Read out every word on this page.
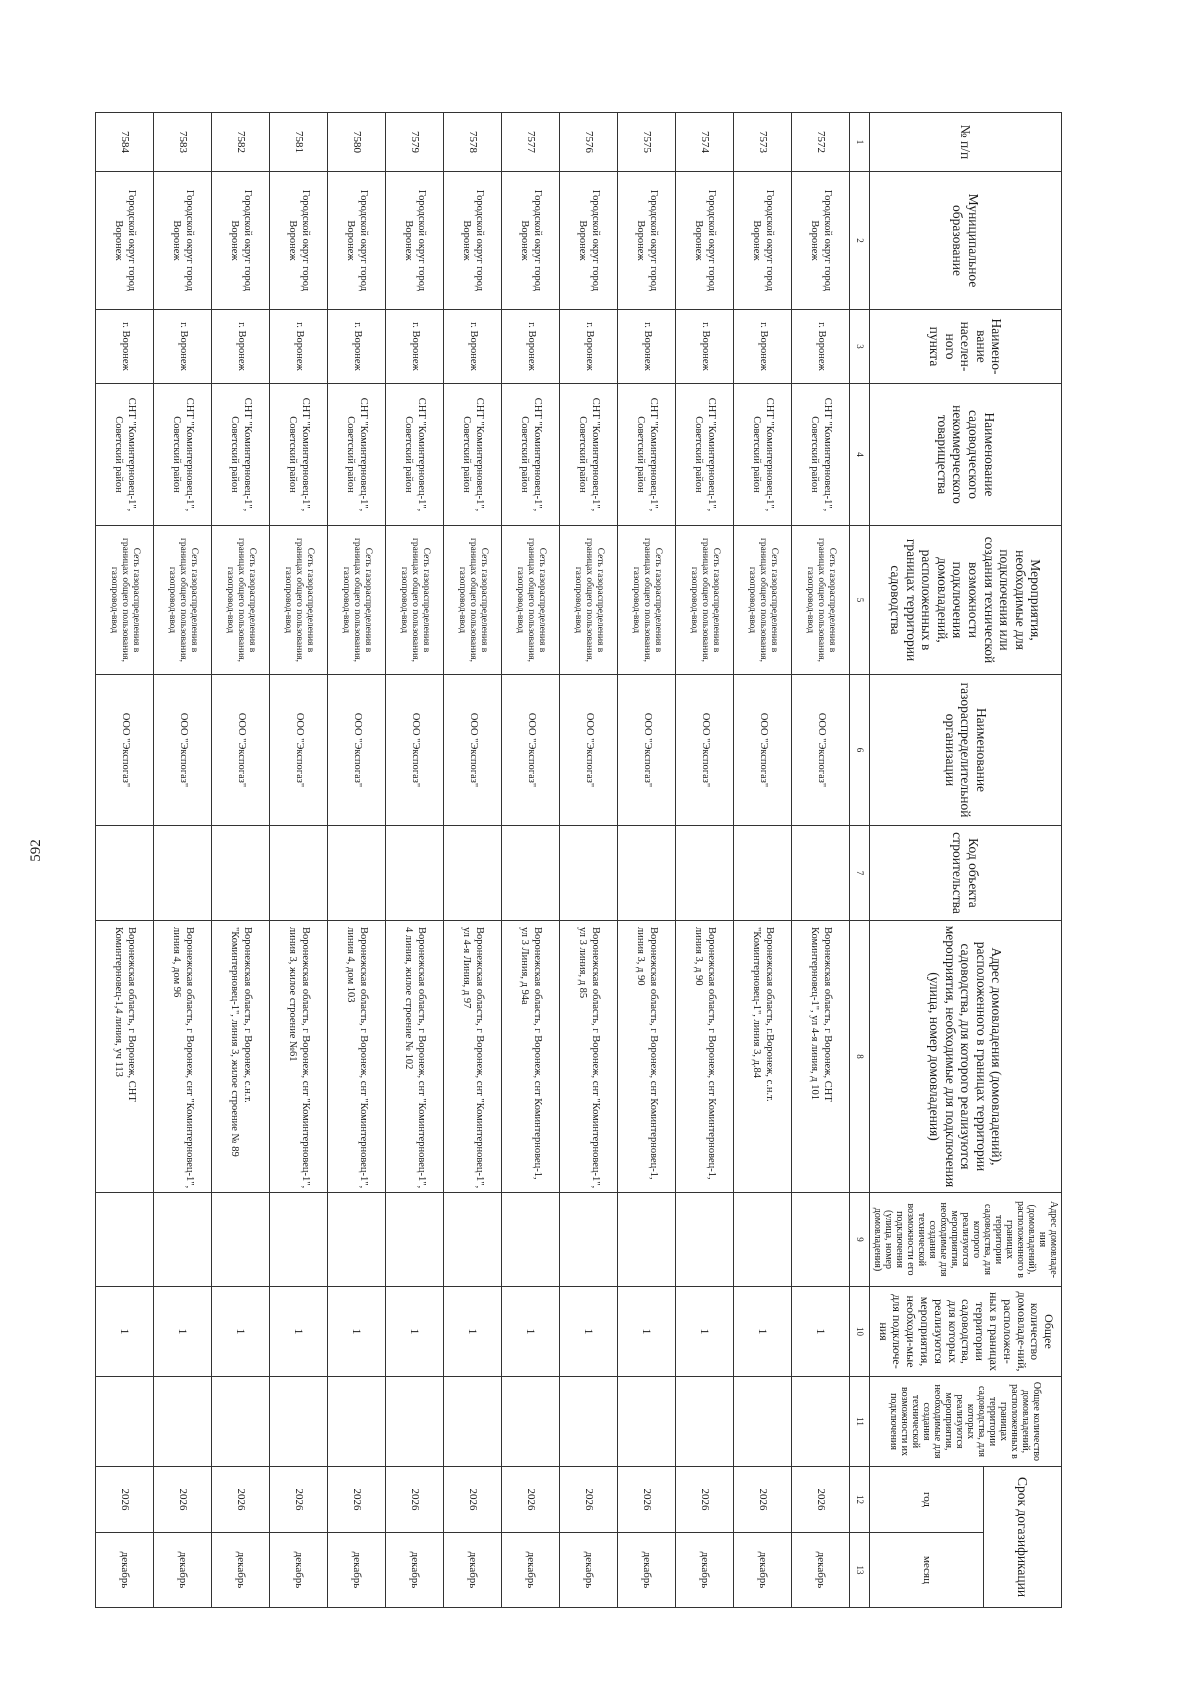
592
№ п/п	Муниципальное образование	Наимено-вание населен-ного пункта	Наименование садоводческого некоммерческого товарищества	Мероприятия, необходимые для подключения или создания технической возможности подключения домовладений, расположенных в границах территории садоводства	Наименование газораспределительной организации	Код объекта строительства	Адрес домовладения (домовладений), расположенного в границах территории садоводства, для которого реализуются мероприятия, необходимые для подключения (улица, номер домовладения)	Адрес домовладе-ния (домовладений), расположенного в границах территории садоводства, для которого реализуются мероприятия, необходимые для создания технической возможности его подключения (улица, номер домовладения)	Общее количество домовладе-ний, расположен-ных в границах территории садоводства, для которых реализуются мероприятия, необходи-мые для подключе-ния	Общее количество домовладений, расположенных в границах территории садоводства, для которых реализуются мероприятия, необходимые для создания технической возможности их подключения	Срок догазификации	
											год	месяц
1	2	3	4	5	6	7	8	9	10	11	12	13
7572	Городской округ город Воронеж	г. Воронеж	СНТ "Коминтерновец-1", Советский район	Сеть газораспределения в границах общего пользования, газопровод-ввод	ООО "Экспогаз"		Воронежская область, г Воронеж, СНТ Коминтерновец-1", ул 4-я линия, д 101		1		2026	декабрь
7573	Городской округ город Воронеж	г. Воронеж	СНТ "Коминтерновец-1", Советский район	Сеть газораспределения в границах общего пользования, газопровод-ввод	ООО "Экспогаз"		Воронежская область, г.Воронеж, с.н.т. "Коминтерновец-1", линия 3, д.84		1		2026	декабрь
7574	Городской округ город Воронеж	г. Воронеж	СНТ "Коминтерновец-1", Советский район	Сеть газораспределения в границах общего пользования, газопровод-ввод	ООО "Экспогаз"		Воронежская область, г Воронеж, снт Коминтерновец-1, линия 3, д 90		1		2026	декабрь
7575	Городской округ город Воронеж	г. Воронеж	СНТ "Коминтерновец-1", Советский район	Сеть газораспределения в границах общего пользования, газопровод-ввод	ООО "Экспогаз"		Воронежская область, г Воронеж, снт Коминтерновец-1, линия 3, д 90		1		2026	декабрь
7576	Городской округ город Воронеж	г. Воронеж	СНТ "Коминтерновец-1", Советский район	Сеть газораспределения в границах общего пользования, газопровод-ввод	ООО "Экспогаз"		Воронежская область, г Воронеж, снт "Коминтерновец-1", ул 3 линия, д 85		1		2026	декабрь
7577	Городской округ город Воронеж	г. Воронеж	СНТ "Коминтерновец-1", Советский район	Сеть газораспределения в границах общего пользования, газопровод-ввод	ООО "Экспогаз"		Воронежская область, г Воронеж, снт Коминтерновец-1, ул 3 Линия, д 94а		1		2026	декабрь
7578	Городской округ город Воронеж	г. Воронеж	СНТ "Коминтерновец-1", Советский район	Сеть газораспределения в границах общего пользования, газопровод-ввод	ООО "Экспогаз"		Воронежская область, г Воронеж, снт "Коминтерновец-1", ул 4-я Линия, д 97		1		2026	декабрь
7579	Городской округ город Воронеж	г. Воронеж	СНТ "Коминтерновец-1", Советский район	Сеть газораспределения в границах общего пользования, газопровод-ввод	ООО "Экспогаз"		Воронежская область, г Воронеж, снт "Коминтерновец-1", 4 линия, жилое строение № 102		1		2026	декабрь
7580	Городской округ город Воронеж	г. Воронеж	СНТ "Коминтерновец-1", Советский район	Сеть газораспределения в границах общего пользования, газопровод-ввод	ООО "Экспогаз"		Воронежская область, г Воронеж, снт "Коминтерновец-1", линия 4, дом 103		1		2026	декабрь
7581	Городской округ город Воронеж	г. Воронеж	СНТ "Коминтерновец-1", Советский район	Сеть газораспределения в границах общего пользования, газопровод-ввод	ООО "Экспогаз"		Воронежская область, г Воронеж, снт "Коминтерновец-1", линия 3, жилое строение №61		1		2026	декабрь
7582	Городской округ город Воронеж	г. Воронеж	СНТ "Коминтерновец-1", Советский район	Сеть газораспределения в границах общего пользования, газопровод-ввод	ООО "Экспогаз"		Воронежская область, г Воронеж, с.н.т. "Коминтерновец-1", линия 3, жилое строение № 89		1		2026	декабрь
7583	Городской округ город Воронеж	г. Воронеж	СНТ "Коминтерновец-1", Советский район	Сеть газораспределения в границах общего пользования, газопровод-ввод	ООО "Экспогаз"		Воронежская область, г Воронеж, снт "Коминтерновец-1", линия 4, дом 96		1		2026	декабрь
7584	Городской округ город Воронеж	г. Воронеж	СНТ "Коминтерновец-1", Советский район	Сеть газораспределения в границах общего пользования, газопровод-ввод	ООО "Экспогаз"		Воронежская область, г Воронеж, СНТ Коминтерновец-1,4 линия, уч 113		1		2026	декабрь
